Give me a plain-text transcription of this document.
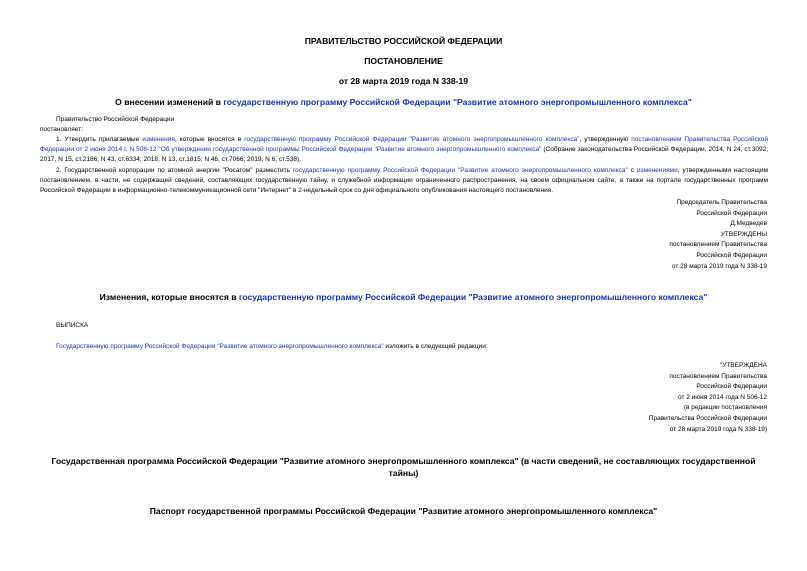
ПРАВИТЕЛЬСТВО РОССИЙСКОЙ ФЕДЕРАЦИИ
ПОСТАНОВЛЕНИЕ
от 28 марта 2019 года N 338-19
О внесении изменений в государственную программу Российской Федерации "Развитие атомного энергопромышленного комплекса"
Правительство Российской Федерации
постановляет:
1. Утвердить прилагаемые изменения, которые вносятся в государственную программу Российской Федерации "Развитие атомного энергопромышленного комплекса", утвержденную постановлением Правительства Российской Федерации от 2 июня 2014 г. N 506-12 "Об утверждении государственной программы Российской Федерации "Развитие атомного энергопромышленного комплекса" (Собрание законодательства Российской Федерации, 2014, N 24, ст.3092; 2017, N 15, ст.2186; N 43, ст.6334; 2018, N 13, ст.1815; N 46, ст.7066; 2019, N 6, ст.538).
2. Государственной корпорации по атомной энергии "Росатом" разместить государственную программу Российской Федерации "Развитие атомного энергопромышленного комплекса" с изменениями, утвержденными настоящим постановлением, в части, не содержащей сведений, составляющих государственную тайну, и служебной информации ограниченного распространения, на своем официальном сайте, а также на портале государственных программ Российской Федерации в информационно-телекоммуникационной сети "Интернет" в 2-недельный срок со дня официального опубликования настоящего постановления.
Председатель Правительства
Российской Федерации
Д.Медведев
УТВЕРЖДЕНЫ
постановлением Правительства
Российской Федерации
от 28 марта 2019 года N 338-19
Изменения, которые вносятся в государственную программу Российской Федерации "Развитие атомного энергопромышленного комплекса"
ВЫПИСКА
Государственную программу Российской Федерации "Развитие атомного энергопромышленного комплекса" изложить в следующей редакции:
"УТВЕРЖДЕНА
постановлением Правительства
Российской Федерации
от 2 июня 2014 года N 506-12
(в редакции постановления
Правительства Российской Федерации
от 28 марта 2019 года N 338-19)
Государственная программа Российской Федерации "Развитие атомного энергопромышленного комплекса" (в части сведений, не составляющих государственной
тайны)
Паспорт государственной программы Российской Федерации "Развитие атомного энергопромышленного комплекса"
